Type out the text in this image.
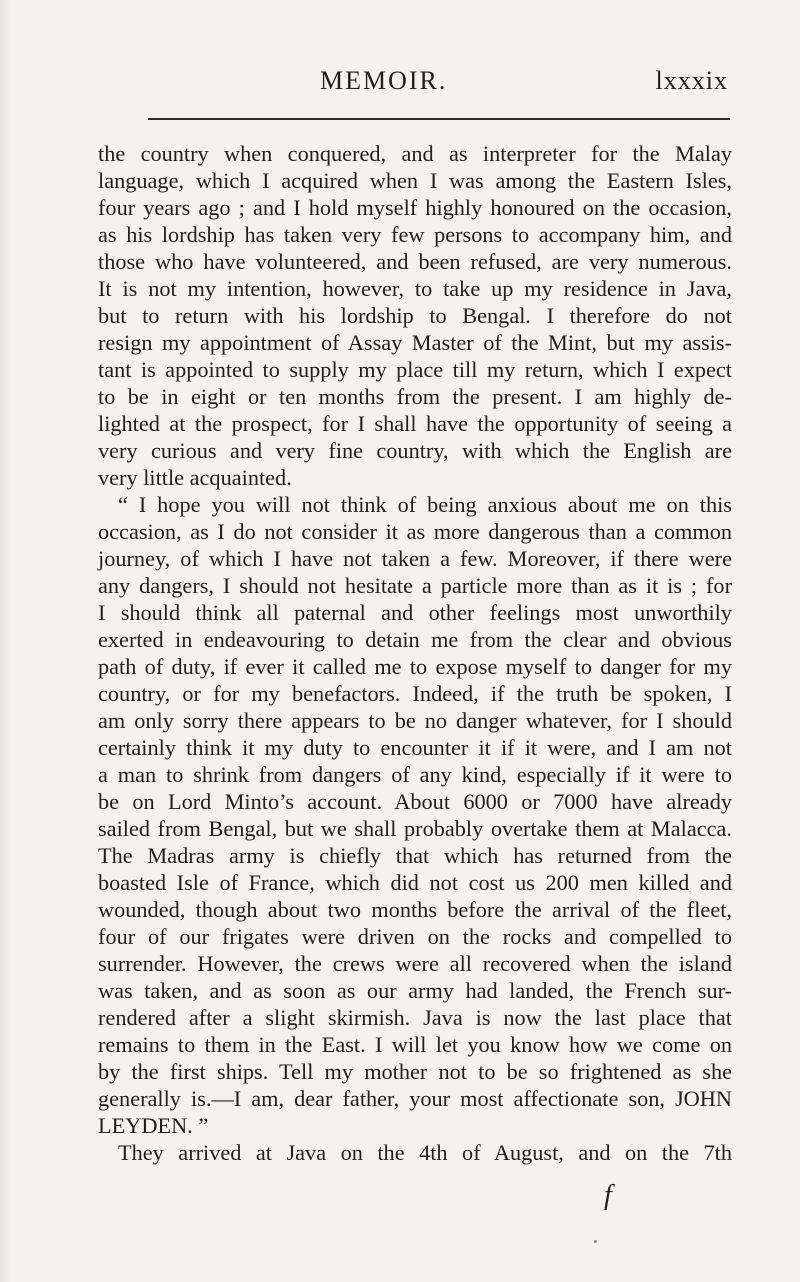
MEMOIR.	lxxxix
the country when conquered, and as interpreter for the Malay
language, which I acquired when I was among the Eastern Isles,
four years ago ; and I hold myself highly honoured on the occasion,
as his lordship has taken very few persons to accompany him, and
those who have volunteered, and been refused, are very numerous.
It is not my intention, however, to take up my residence in Java,
but to return with his lordship to Bengal. I therefore do not
resign my appointment of Assay Master of the Mint, but my assis-
tant is appointed to supply my place till my return, which I expect
to be in eight or ten months from the present. I am highly de-
lighted at the prospect, for I shall have the opportunity of seeing a
very curious and very fine country, with which the English are
very little acquainted.
“ I hope you will not think of being anxious about me on this
occasion, as I do not consider it as more dangerous than a common
journey, of which I have not taken a few. Moreover, if there were
any dangers, I should not hesitate a particle more than as it is ; for
I should think all paternal and other feelings most unworthily
exerted in endeavouring to detain me from the clear and obvious
path of duty, if ever it called me to expose myself to danger for my
country, or for my benefactors. Indeed, if the truth be spoken, I
am only sorry there appears to be no danger whatever, for I should
certainly think it my duty to encounter it if it were, and I am not
a man to shrink from dangers of any kind, especially if it were to
be on Lord Minto’s account. About 6000 or 7000 have already
sailed from Bengal, but we shall probably overtake them at Malacca.
The Madras army is chiefly that which has returned from the
boasted Isle of France, which did not cost us 200 men killed and
wounded, though about two months before the arrival of the fleet,
four of our frigates were driven on the rocks and compelled to
surrender. However, the crews were all recovered when the island
was taken, and as soon as our army had landed, the French sur-
rendered after a slight skirmish. Java is now the last place that
remains to them in the East. I will let you know how we come on
by the first ships. Tell my mother not to be so frightened as she
generally is.—I am, dear father, your most affectionate son, JOHN
LEYDEN. ”
They arrived at Java on the 4th of August, and on the 7th
f
